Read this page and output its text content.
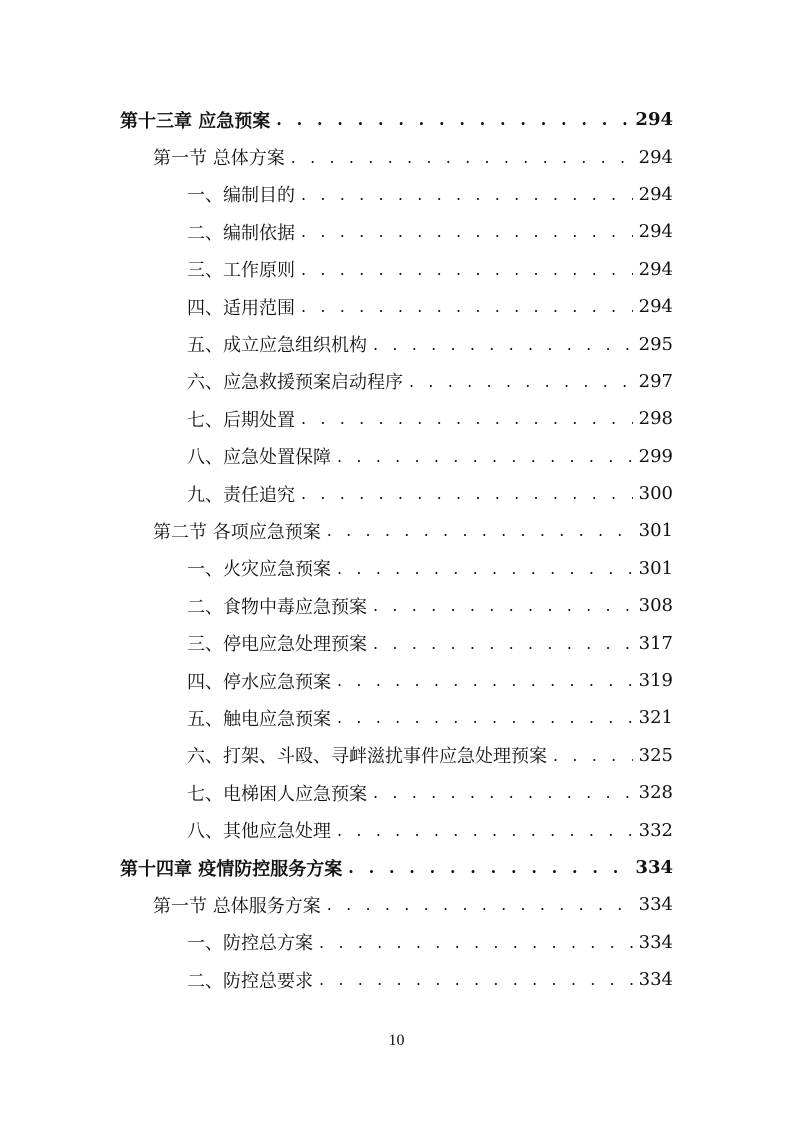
第十三章 应急预案 . . .	294
第一节 总体方案 . . .	294
一、编制目的 . . .	294
二、编制依据 . . .	294
三、工作原则 . . .	294
四、适用范围 . . .	294
五、成立应急组织机构 . . .	295
六、应急救援预案启动程序 . . .	297
七、后期处置 . . .	298
八、应急处置保障 . . .	299
九、责任追究 . . .	300
第二节 各项应急预案 . . .	301
一、火灾应急预案 . . .	301
二、食物中毒应急预案 . . .	308
三、停电应急处理预案 . . .	317
四、停水应急预案 . . .	319
五、触电应急预案 . . .	321
六、打架、斗殴、寻衅滋扰事件应急处理预案 . . .	325
七、电梯困人应急预案 . . .	328
八、其他应急处理 . . .	332
第十四章 疫情防控服务方案 . . .	334
第一节 总体服务方案 . . .	334
一、防控总方案 . . .	334
二、防控总要求 . . .	334
10
